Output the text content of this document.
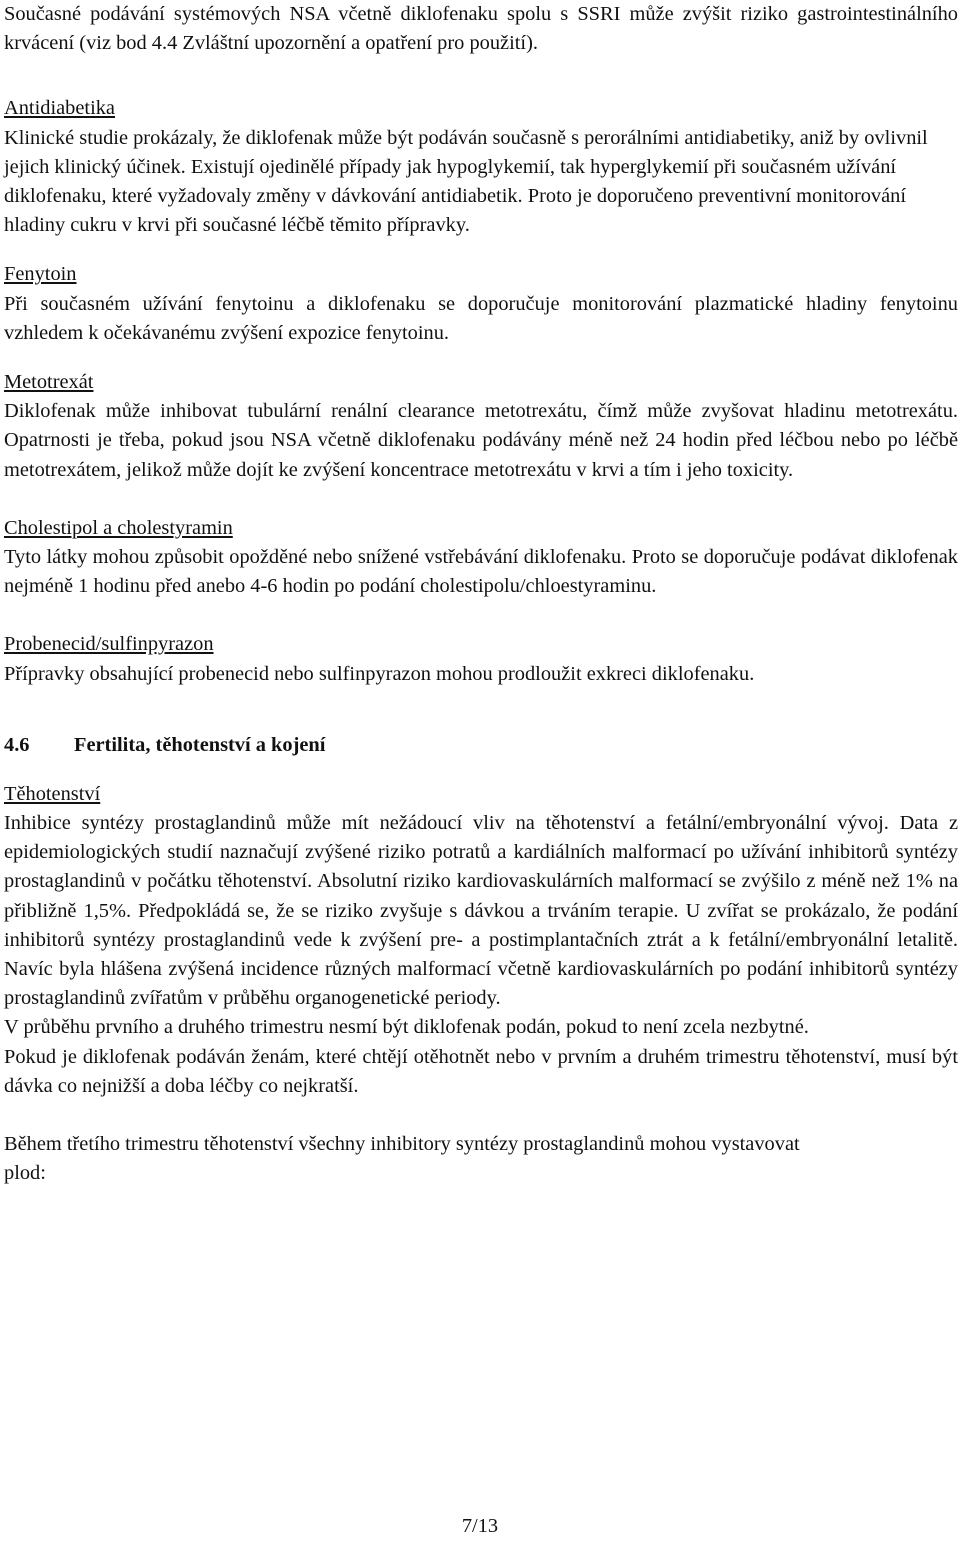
Současné podávání systémových NSA včetně diklofenaku spolu s SSRI může zvýšit riziko gastrointestinálního krvácení (viz bod 4.4 Zvláštní upozornění a opatření pro použití).

Antidiabetika

Klinické studie prokázaly, že diklofenak může být podáván současně s perorálními antidiabetiky, aniž by ovlivnil jejich klinický účinek. Existují ojedinělé případy jak hypoglykemií, tak hyperglykemií při současném užívání diklofenaku, které vyžadovaly změny v dávkování antidiabetik. Proto je doporučeno preventivní monitorování hladiny cukru v krvi při současné léčbě těmito přípravky.

Fenytoin

Při současném užívání fenytoinu a diklofenaku se doporučuje monitorování plazmatické hladiny fenytoinu vzhledem k očekávanému zvýšení expozice fenytoinu.

Metotrexát

Diklofenak může inhibovat tubulární renální clearance metotrexátu, čímž může zvyšovat hladinu metotrexátu. Opatrnosti je třeba, pokud jsou NSA včetně diklofenaku podávány méně než 24 hodin před léčbou nebo po léčbě metotrexátem, jelikož může dojít ke zvýšení koncentrace metotrexátu v krvi a tím i jeho toxicity.

Cholestipol a cholestyramin

Tyto látky mohou způsobit opožděné nebo snížené vstřebávání diklofenaku. Proto se doporučuje podávat diklofenak nejméně 1 hodinu před anebo 4-6 hodin po podání cholestipolu/chloestyraminu.

Probenecid/sulfinpyrazon

Přípravky obsahující probenecid nebo sulfinpyrazon mohou prodloužit exkreci diklofenaku.

4.6 Fertilita, těhotenství a kojení

Těhotenství

Inhibice syntézy prostaglandinů může mít nežádoucí vliv na těhotenství a fetální/embryonální vývoj. Data z epidemiologických studií naznačují zvýšené riziko potratů a kardiálních malformací po užívání inhibitorů syntézy prostaglandinů v počátku těhotenství. Absolutní riziko kardiovaskulárních malformací se zvýšilo z méně než 1% na přibližně 1,5%. Předpokládá se, že se riziko zvyšuje s dávkou a trváním terapie. U zvířat se prokázalo, že podání inhibitorů syntézy prostaglandinů vede k zvýšení pre- a postimplantačních ztrát a k fetální/embryonální letalitě. Navíc byla hlášena zvýšená incidence různých malformací včetně kardiovaskulárních po podání inhibitorů syntézy prostaglandinů zvířatům v průběhu organogenetické periody.

V průběhu prvního a druhého trimestru nesmí být diklofenak podán, pokud to není zcela nezbytné.

Pokud je diklofenak podáván ženám, které chtějí otěhotnět nebo v prvním a druhém trimestru těhotenství, musí být dávka co nejnižší a doba léčby co nejkratší.

Během třetího trimestru těhotenství všechny inhibitory syntézy prostaglandinů mohou vystavovat

plod:

7/13
